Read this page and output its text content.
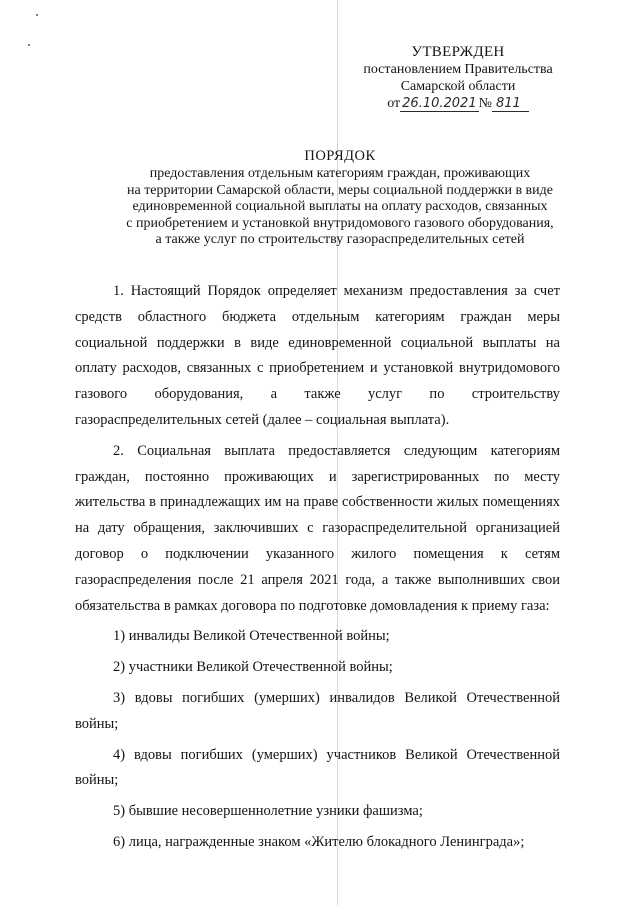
УТВЕРЖДЕН
постановлением Правительства
Самарской области
от 26.10.2021 № 811
ПОРЯДОК
предоставления отдельным категориям граждан, проживающих
на территории Самарской области, меры социальной поддержки в виде
единовременной социальной выплаты на оплату расходов, связанных
с приобретением и установкой внутридомового газового оборудования,
а также услуг по строительству газораспределительных сетей

1. Настоящий Порядок определяет механизм предоставления за счет средств областного бюджета отдельным категориям граждан меры социальной поддержки в виде единовременной социальной выплаты на оплату расходов, связанных с приобретением и установкой внутридомового газового оборудования, а также услуг по строительству газораспределительных сетей (далее – социальная выплата).

2. Социальная выплата предоставляется следующим категориям граждан, постоянно проживающих и зарегистрированных по месту жительства в принадлежащих им на праве собственности жилых помещениях на дату обращения, заключивших с газораспределительной организацией договор о подключении указанного жилого помещения к сетям газораспределения после 21 апреля 2021 года, а также выполнивших свои обязательства в рамках договора по подготовке домовладения к приему газа:

1) инвалиды Великой Отечественной войны;

2) участники Великой Отечественной войны;

3) вдовы погибших (умерших) инвалидов Великой Отечественной войны;

4) вдовы погибших (умерших) участников Великой Отечественной войны;

5) бывшие несовершеннолетние узники фашизма;

6) лица, награжденные знаком «Жителю блокадного Ленинграда»;
